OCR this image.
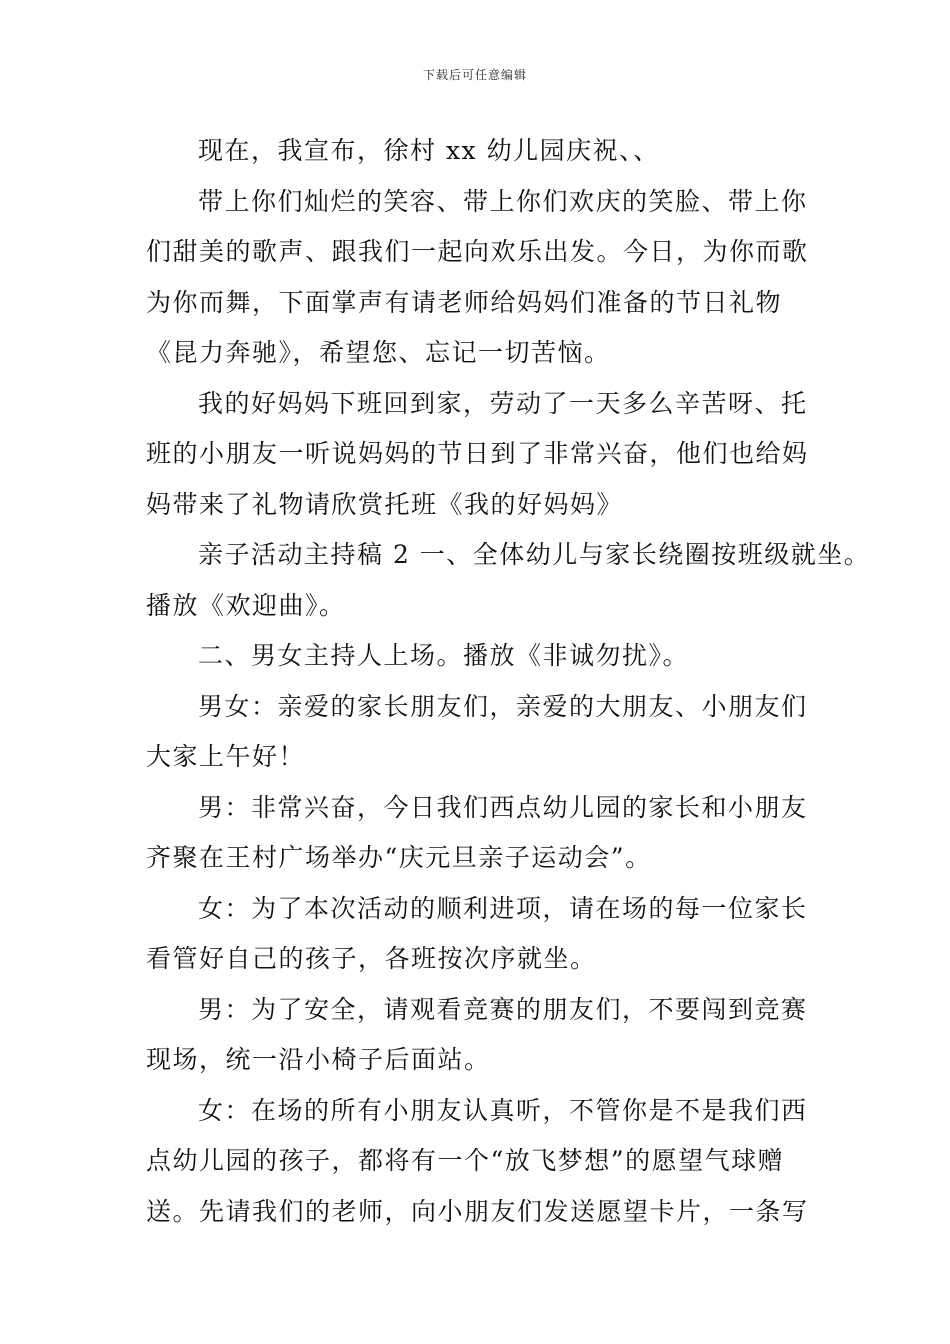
下载后可任意编辑

现在，我宣布，徐村 xx 幼儿园庆祝、、

带上你们灿烂的笑容、带上你们欢庆的笑脸、带上你
们甜美的歌声、跟我们一起向欢乐出发。今日，为你而歌
为你而舞，下面掌声有请老师给妈妈们准备的节日礼物
《昆力奔驰》，希望您、忘记一切苦恼。

我的好妈妈下班回到家，劳动了一天多么辛苦呀、托
班的小朋友一听说妈妈的节日到了非常兴奋，他们也给妈
妈带来了礼物请欣赏托班《我的好妈妈》

亲子活动主持稿 2 一、全体幼儿与家长绕圈按班级就坐。
播放《欢迎曲》。

二、男女主持人上场。播放《非诚勿扰》。

男女：亲爱的家长朋友们，亲爱的大朋友、小朋友们
大家上午好！

男：非常兴奋，今日我们西点幼儿园的家长和小朋友
齐聚在王村广场举办“庆元旦亲子运动会”。

女：为了本次活动的顺利进项，请在场的每一位家长
看管好自己的孩子，各班按次序就坐。

男：为了安全，请观看竞赛的朋友们，不要闯到竞赛
现场，统一沿小椅子后面站。

女：在场的所有小朋友认真听，不管你是不是我们西
点幼儿园的孩子，都将有一个“放飞梦想”的愿望气球赠
送。先请我们的老师，向小朋友们发送愿望卡片，一条写
